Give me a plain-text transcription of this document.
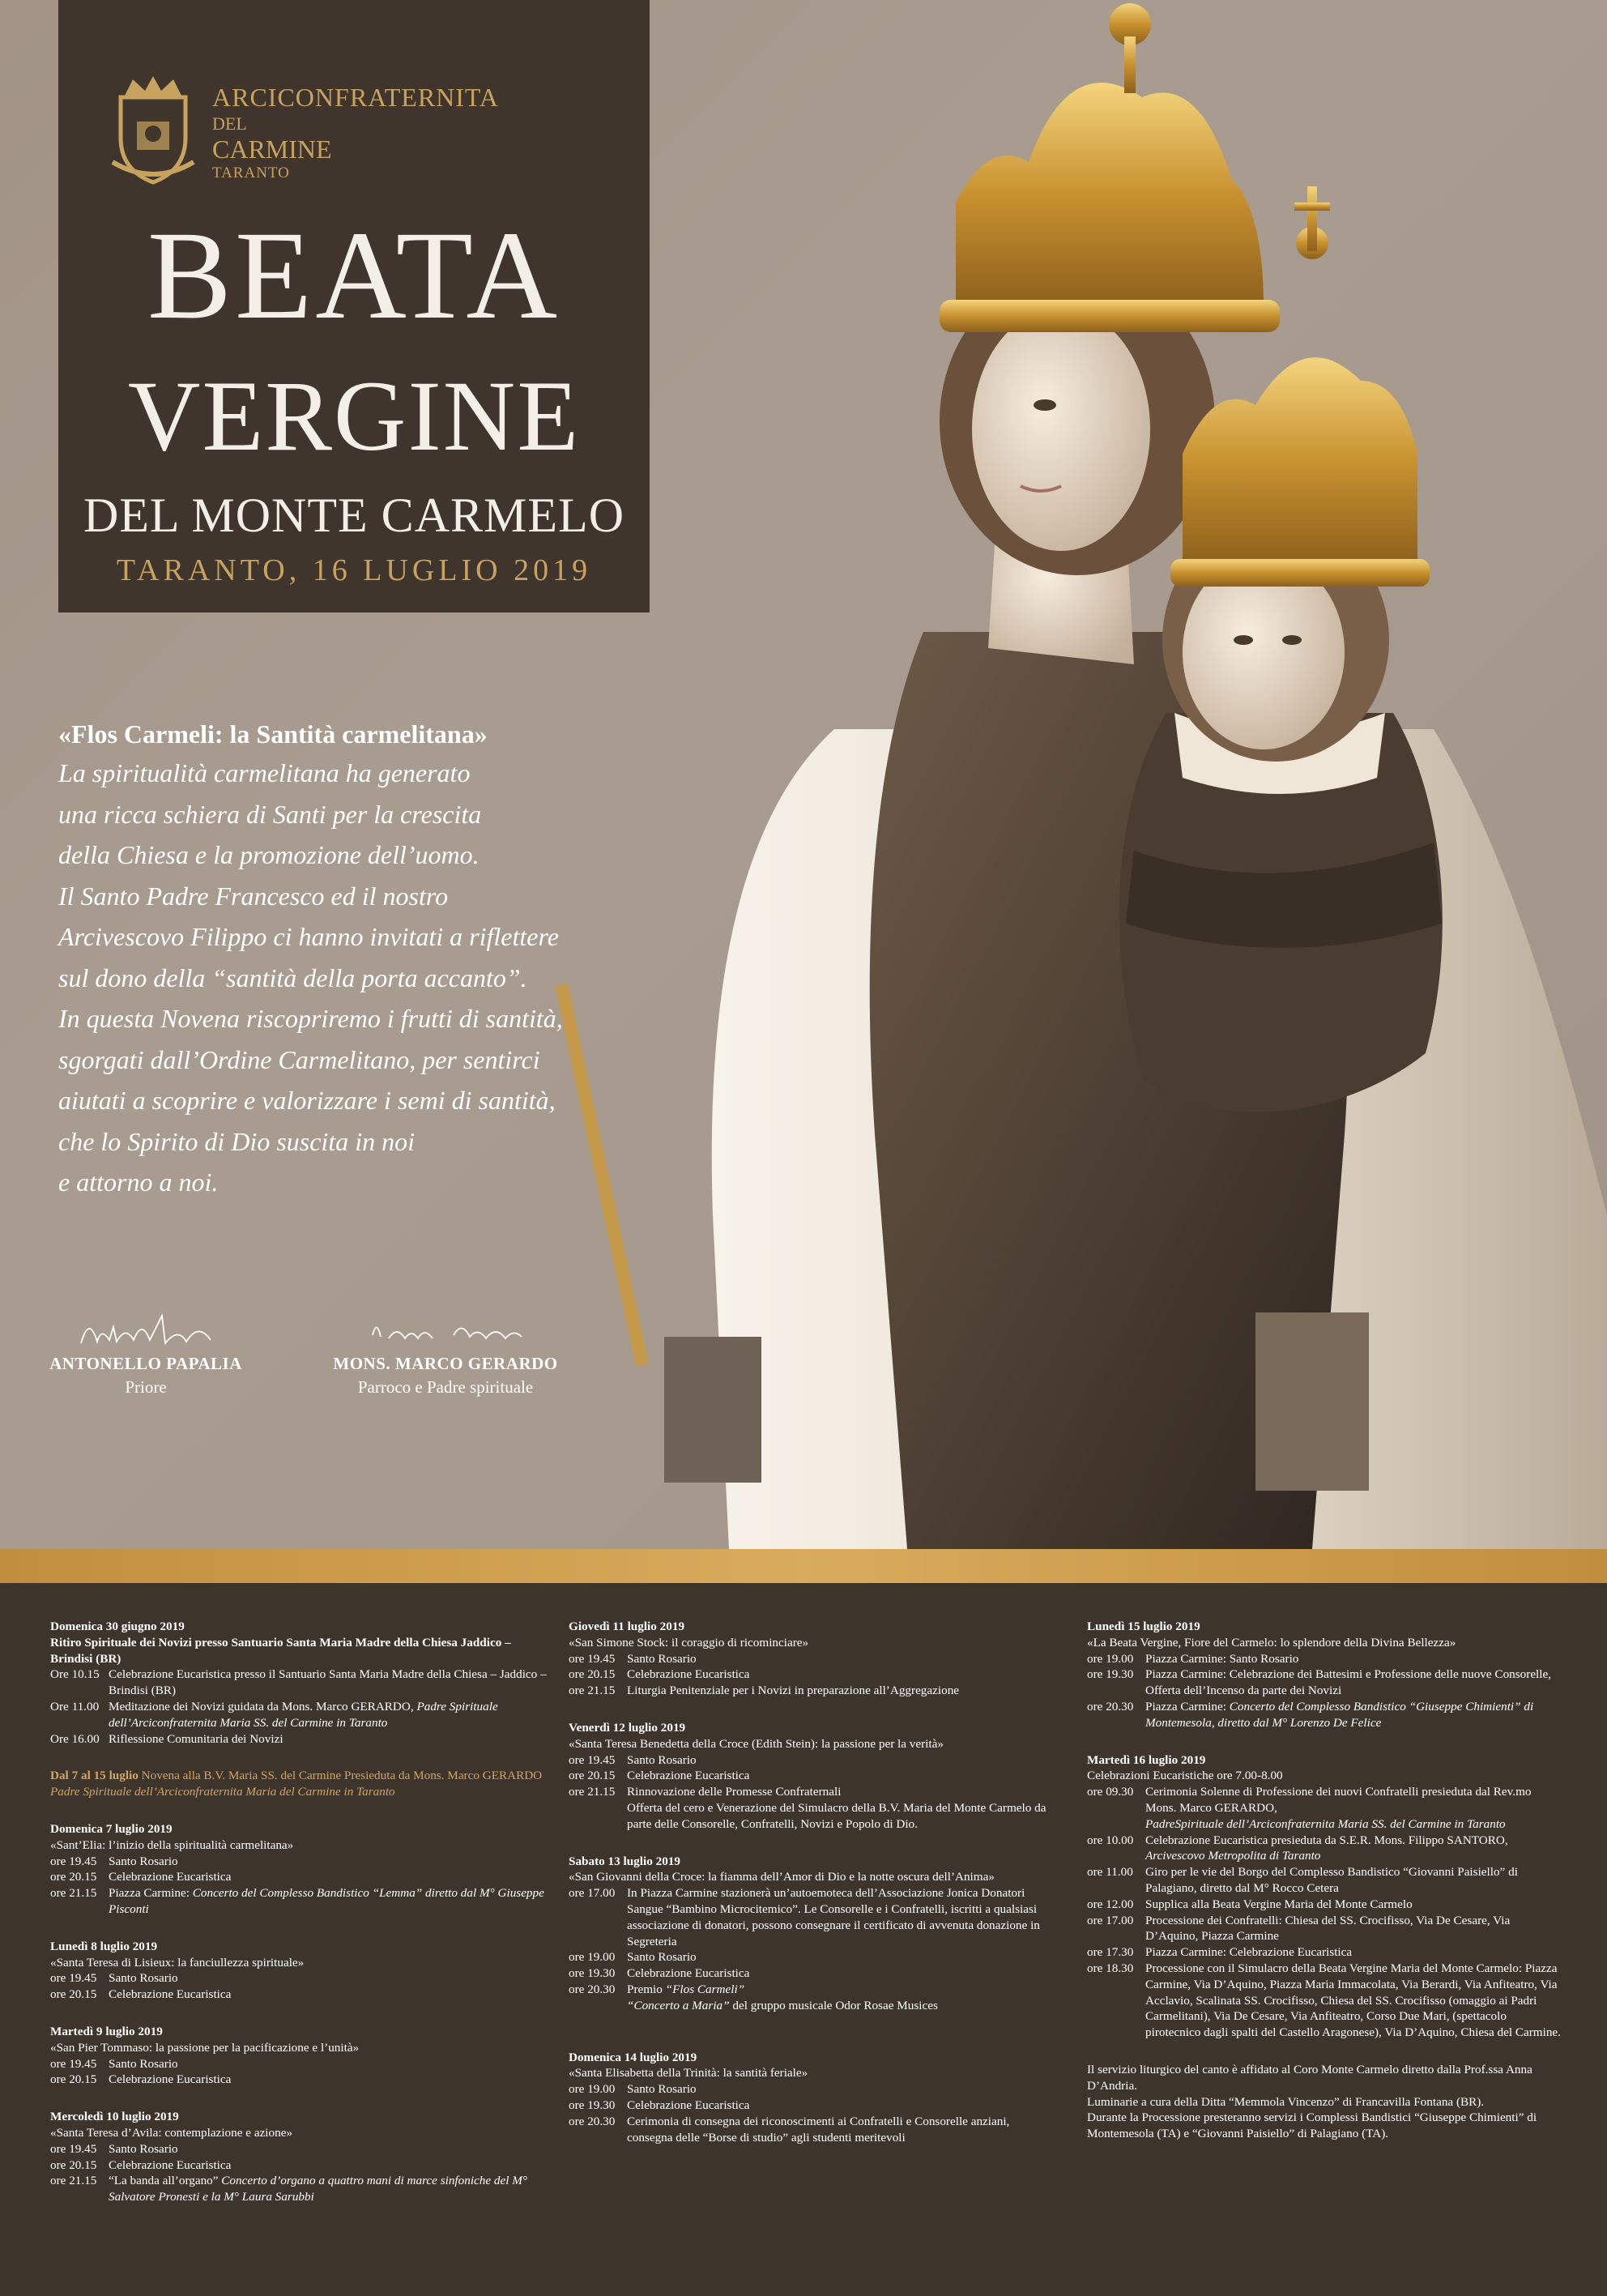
ARCICONFRATERNITA
DEL
CARMINE
TARANTO
BEATA
VERGINE
DEL MONTE CARMELO
TARANTO, 16 LUGLIO 2019

«Flos Carmeli: la Santità carmelitana»

La spiritualità carmelitana ha generato

una ricca schiera di Santi per la crescita

della Chiesa e la promozione dell’uomo.

Il Santo Padre Francesco ed il nostro

Arcivescovo Filippo ci hanno invitati a riflettere

sul dono della “santità della porta accanto”.

In questa Novena riscopriremo i frutti di santità,

sgorgati dall’Ordine Carmelitano, per sentirci

aiutati a scoprire e valorizzare i semi di santità,

che lo Spirito di Dio suscita in noi

e attorno a noi.

ANTONELLO PAPALIA
Priore
MONS. MARCO GERARDO
Parroco e Padre spirituale
Domenica 30 giugno 2019
Ritiro Spirituale dei Novizi presso Santuario Santa Maria Madre della Chiesa Jaddico – Brindisi (BR)
Ore 10.15 Celebrazione Eucaristica presso il Santuario Santa Maria Madre della Chiesa – Jaddico – Brindisi (BR)
Ore 11.00 Meditazione dei Novizi guidata da Mons. Marco GERARDO, Padre Spirituale dell’Arciconfraternita Maria SS. del Carmine in Taranto
Ore 16.00 Riflessione Comunitaria dei Novizi
Dal 7 al 15 luglio Novena alla B.V. Maria SS. del Carmine Presieduta da Mons. Marco GERARDO Padre Spirituale dell’Arciconfraternita Maria del Carmine in Taranto
Domenica 7 luglio 2019
«Sant’Elia: l’inizio della spiritualità carmelitana»
ore 19.45 Santo Rosario
ore 20.15 Celebrazione Eucaristica
ore 21.15 Piazza Carmine: Concerto del Complesso Bandistico “Lemma” diretto dal M° Giuseppe Pisconti
Lunedì 8 luglio 2019
«Santa Teresa di Lisieux: la fanciullezza spirituale»
ore 19.45 Santo Rosario
ore 20.15 Celebrazione Eucaristica
Martedì 9 luglio 2019
«San Pier Tommaso: la passione per la pacificazione e l’unità»
ore 19.45 Santo Rosario
ore 20.15 Celebrazione Eucaristica
Mercoledì 10 luglio 2019
«Santa Teresa d’Avila: contemplazione e azione»
ore 19.45 Santo Rosario
ore 20.15 Celebrazione Eucaristica
ore 21.15 “La banda all’organo” Concerto d’organo a quattro mani di marce sinfoniche del M° Salvatore Pronesti e la M° Laura Sarubbi
Giovedì 11 luglio 2019
«San Simone Stock: il coraggio di ricominciare»
ore 19.45 Santo Rosario
ore 20.15 Celebrazione Eucaristica
ore 21.15 Liturgia Penitenziale per i Novizi in preparazione all’Aggregazione
Venerdì 12 luglio 2019
«Santa Teresa Benedetta della Croce (Edith Stein): la passione per la verità»
ore 19.45 Santo Rosario
ore 20.15 Celebrazione Eucaristica
ore 21.15 Rinnovazione delle Promesse Confraternali
Offerta del cero e Venerazione del Simulacro della B.V. Maria del Monte Carmelo da parte delle Consorelle, Confratelli, Novizi e Popolo di Dio.
Sabato 13 luglio 2019
«San Giovanni della Croce: la fiamma dell’Amor di Dio e la notte oscura dell’Anima»
ore 17.00 In Piazza Carmine stazionerà un’autoemoteca dell’Associazione Jonica Donatori Sangue “Bambino Microcitemico”. Le Consorelle e i Confratelli, iscritti a qualsiasi associazione di donatori, possono consegnare il certificato di avvenuta donazione in Segreteria
ore 19.00 Santo Rosario
ore 19.30 Celebrazione Eucaristica
ore 20.30 Premio “Flos Carmeli”
“Concerto a Maria” del gruppo musicale Odor Rosae Musices
Domenica 14 luglio 2019
«Santa Elisabetta della Trinità: la santità feriale»
ore 19.00 Santo Rosario
ore 19.30 Celebrazione Eucaristica
ore 20.30 Cerimonia di consegna dei riconoscimenti ai Confratelli e Consorelle anziani, consegna delle “Borse di studio” agli studenti meritevoli
Lunedì 15 luglio 2019
«La Beata Vergine, Fiore del Carmelo: lo splendore della Divina Bellezza»
ore 19.00 Piazza Carmine: Santo Rosario
ore 19.30 Piazza Carmine: Celebrazione dei Battesimi e Professione delle nuove Consorelle, Offerta dell’Incenso da parte dei Novizi
ore 20.30 Piazza Carmine: Concerto del Complesso Bandistico “Giuseppe Chimienti” di Montemesola, diretto dal M° Lorenzo De Felice
Martedì 16 luglio 2019
Celebrazioni Eucaristiche ore 7.00-8.00
ore 09.30 Cerimonia Solenne di Professione dei nuovi Confratelli presieduta dal Rev.mo Mons. Marco GERARDO,
PadreSpirituale dell’Arciconfraternita Maria SS. del Carmine in Taranto
ore 10.00 Celebrazione Eucaristica presieduta da S.E.R. Mons. Filippo SANTORO,
Arcivescovo Metropolita di Taranto
ore 11.00 Giro per le vie del Borgo del Complesso Bandistico “Giovanni Paisiello” di Palagiano, diretto dal M° Rocco Cetera
ore 12.00 Supplica alla Beata Vergine Maria del Monte Carmelo
ore 17.00 Processione dei Confratelli: Chiesa del SS. Crocifisso, Via De Cesare, Via D’Aquino, Piazza Carmine
ore 17.30 Piazza Carmine: Celebrazione Eucaristica
ore 18.30 Processione con il Simulacro della Beata Vergine Maria del Monte Carmelo: Piazza Carmine, Via D’Aquino, Piazza Maria Immacolata, Via Berardi, Via Anfiteatro, Via Acclavio, Scalinata SS. Crocifisso, Chiesa del SS. Crocifisso (omaggio ai Padri Carmelitani), Via De Cesare, Via Anfiteatro, Corso Due Mari, (spettacolo pirotecnico dagli spalti del Castello Aragonese), Via D’Aquino, Chiesa del Carmine.
Il servizio liturgico del canto è affidato al Coro Monte Carmelo diretto dalla Prof.ssa Anna D’Andria.
Luminarie a cura della Ditta “Memmola Vincenzo” di Francavilla Fontana (BR).
Durante la Processione presteranno servizi i Complessi Bandistici “Giuseppe Chimienti” di Montemesola (TA) e “Giovanni Paisiello” di Palagiano (TA).
